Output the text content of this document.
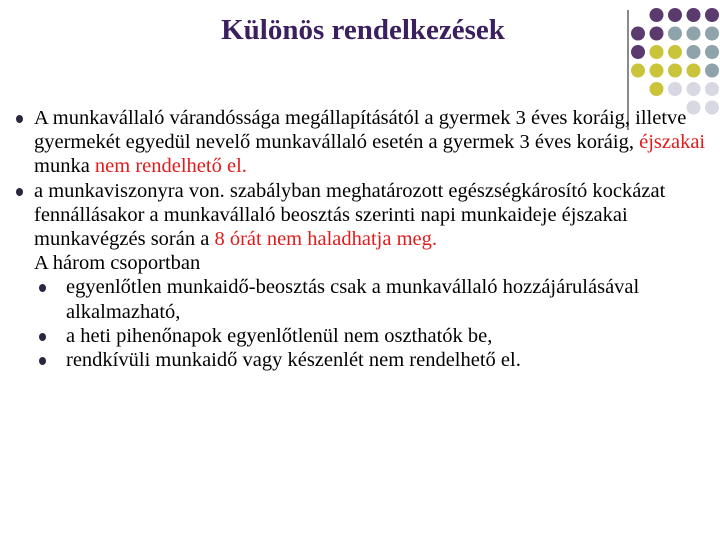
Különös rendelkezések
A munkavállaló várandóssága megállapításától a gyermek 3 éves koráig, illetve gyermekét egyedül nevelő munkavállaló esetén a gyermek 3 éves koráig, éjszakai munka nem rendelhető el.
a munkaviszonyra von. szabályban meghatározott egészségkárosító kockázat fennállásakor a munkavállaló beosztás szerinti napi munkaideje éjszakai munkavégzés során a 8 órát nem haladhatja meg.
A három csoportban
egyenlőtlen munkaidő-beosztás csak a munkavállaló hozzájárulásával alkalmazható,
a heti pihenőnapok egyenlőtlenül nem oszthatók be,
rendkívüli munkaidő vagy készenlét nem rendelhető el.
